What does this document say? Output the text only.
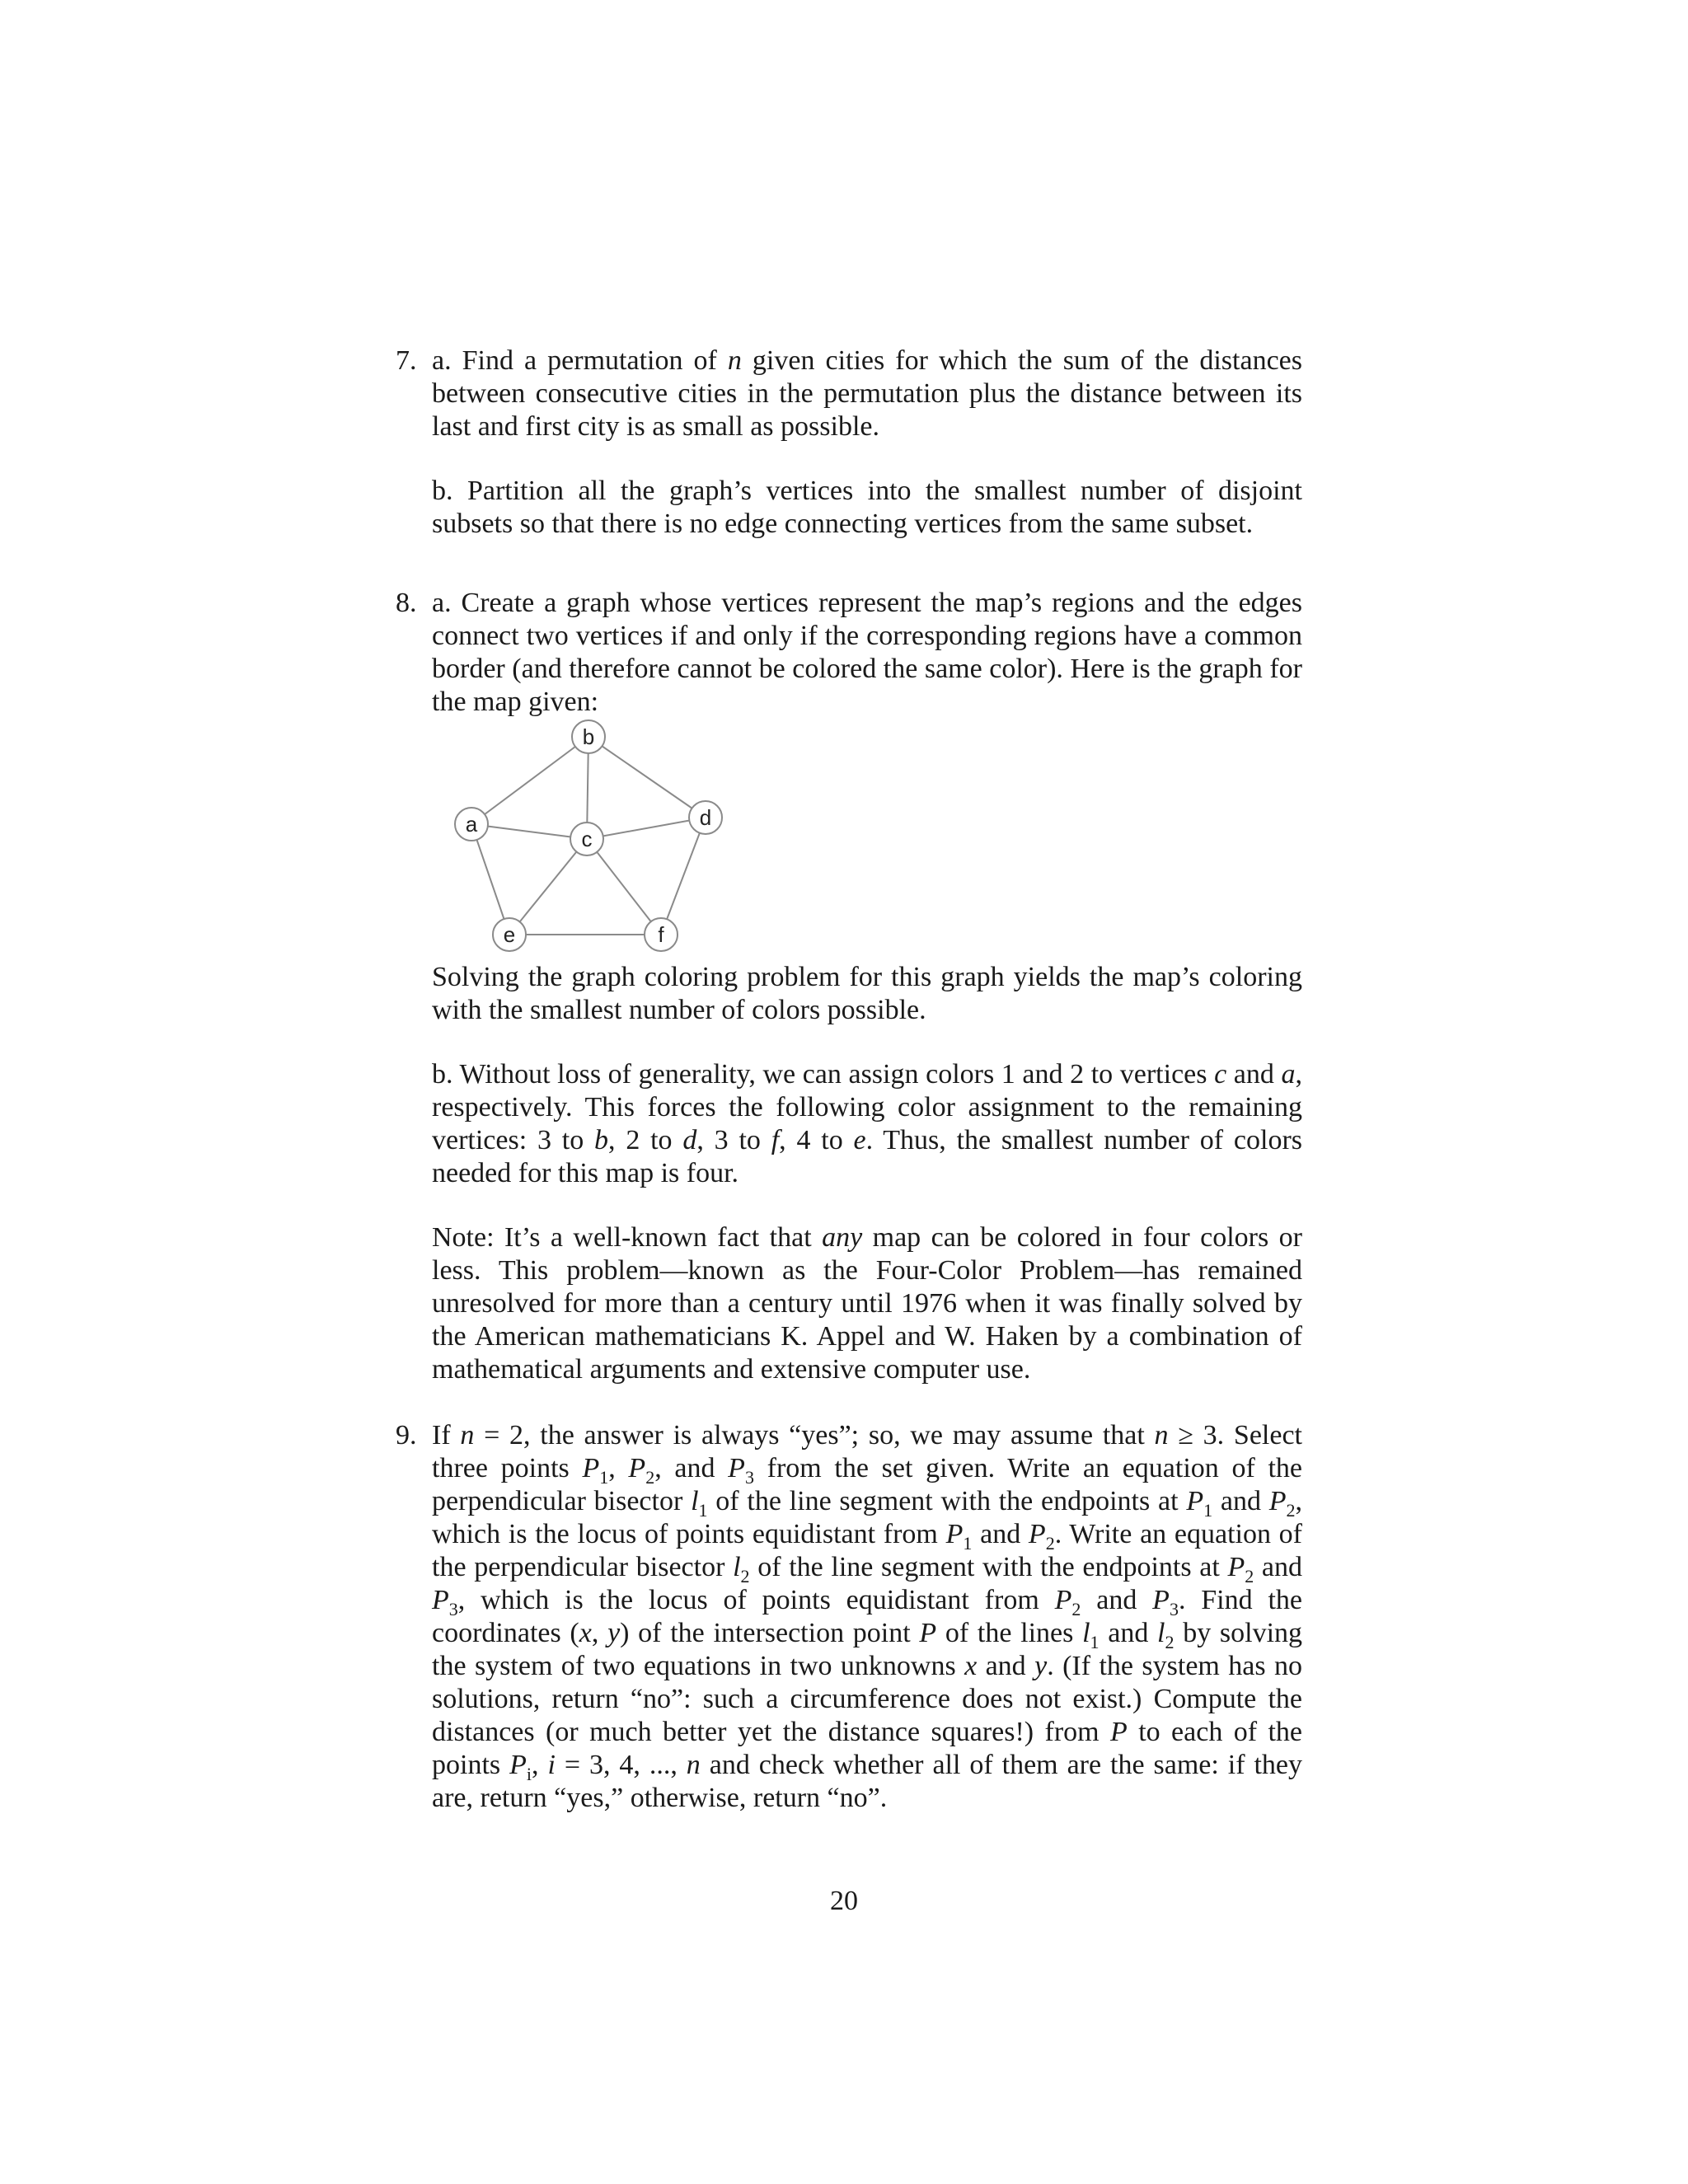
7. a. Find a permutation of n given cities for which the sum of the distances between consecutive cities in the permutation plus the distance between its last and first city is as small as possible.

b. Partition all the graph’s vertices into the smallest number of disjoint subsets so that there is no edge connecting vertices from the same subset.

8. a. Create a graph whose vertices represent the map’s regions and the edges connect two vertices if and only if the corresponding regions have a common border (and therefore cannot be colored the same color). Here is the graph for the map given:

a
b
c
d
e	f

Solving the graph coloring problem for this graph yields the map’s coloring with the smallest number of colors possible.

b. Without loss of generality, we can assign colors 1 and 2 to vertices c and a, respectively. This forces the following color assignment to the remaining vertices: 3 to b, 2 to d, 3 to f, 4 to e. Thus, the smallest number of colors needed for this map is four.

Note: It’s a well-known fact that any map can be colored in four colors or less. This problem—known as the Four-Color Problem—has remained unresolved for more than a century until 1976 when it was finally solved by the American mathematicians K. Appel and W. Haken by a combination of mathematical arguments and extensive computer use.

9. If n = 2, the answer is always “yes”; so, we may assume that n ≥ 3. Select three points $P_1$, $P_2$, and $P_3$ from the set given. Write an equation of the perpendicular bisector $l_1$ of the line segment with the endpoints at $P_1$ and $P_2$, which is the locus of points equidistant from $P_1$ and $P_2$. Write an equation of the perpendicular bisector $l_2$ of the line segment with the endpoints at $P_2$ and $P_3$, which is the locus of points equidistant from $P_2$ and $P_3$. Find the coordinates (x, y) of the intersection point P of the lines $l_1$ and $l_2$ by solving the system of two equations in two unknowns x and y. (If the system has no solutions, return “no”: such a circumference does not exist.) Compute the distances (or much better yet the distance squares!) from P to each of the points $P_i$, i = 3, 4, ..., n and check whether all of them are the same: if they are, return “yes,” otherwise, return “no”.

20
